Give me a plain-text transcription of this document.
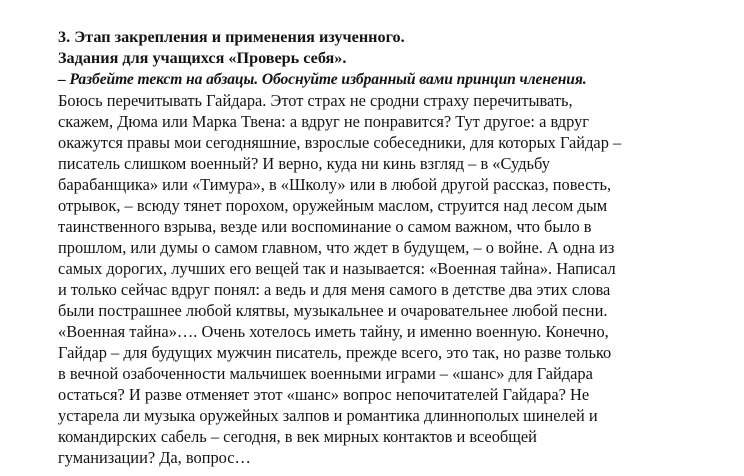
3. Этап закрепления и применения изученного.
Задания для учащихся «Проверь себя».
– Разбейте текст на абзацы. Обоснуйте избранный вами принцип членения.
Боюсь перечитывать Гайдара. Этот страх не сродни страху перечитывать,
скажем, Дюма или Марка Твена: а вдруг не понравится? Тут другое: а вдруг
окажутся правы мои сегодняшние, взрослые собеседники, для которых Гайдар –
писатель слишком военный? И верно, куда ни кинь взгляд – в «Судьбу
барабанщика» или «Тимура», в «Школу» или в любой другой рассказ, повесть,
отрывок, – всюду тянет порохом, оружейным маслом, струится над лесом дым
таинственного взрыва, везде или воспоминание о самом важном, что было в
прошлом, или думы о самом главном, что ждет в будущем, – о войне. А одна из
самых дорогих, лучших его вещей так и называется: «Военная тайна». Написал
и только сейчас вдруг понял: а ведь и для меня самого в детстве два этих слова
были пострашнее любой клятвы, музыкальнее и очаровательнее любой песни.
«Военная тайна»…. Очень хотелось иметь тайну, и именно военную. Конечно,
Гайдар – для будущих мужчин писатель, прежде всего, это так, но разве только
в вечной озабоченности мальчишек военными играми – «шанс» для Гайдара
остаться? И разве отменяет этот «шанс» вопрос непочитателей Гайдара? Не
устарела ли музыка оружейных залпов и романтика длиннополых шинелей и
командирских сабель – сегодня, в век мирных контактов и всеобщей
гуманизации? Да, вопрос…
